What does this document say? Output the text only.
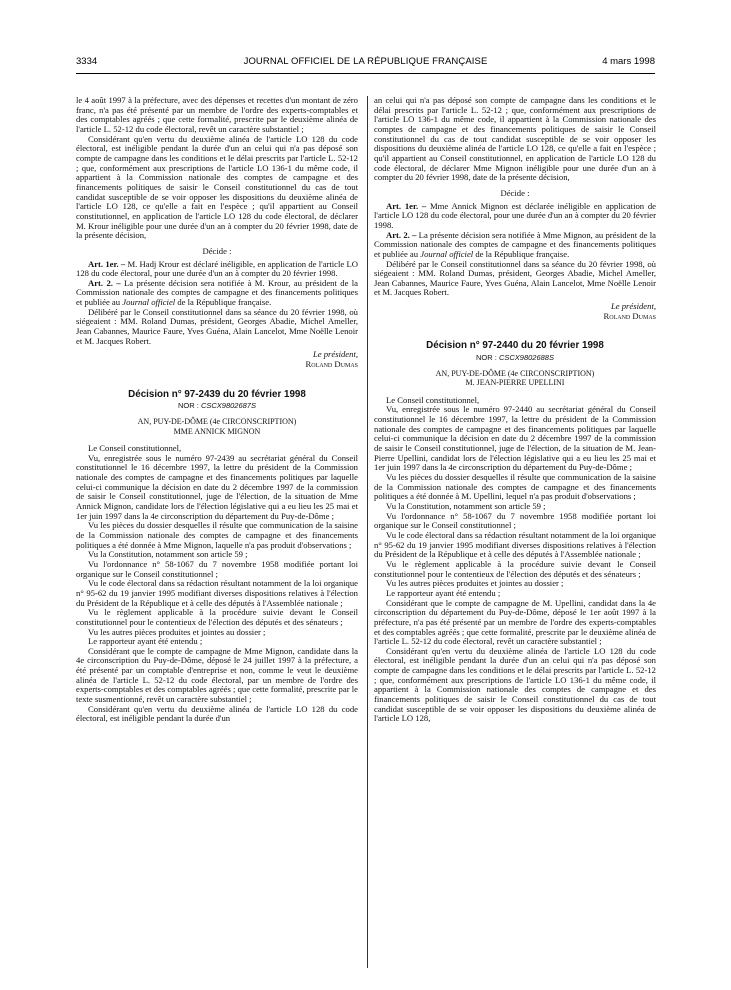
3334	JOURNAL OFFICIEL DE LA RÉPUBLIQUE FRANÇAISE	4 mars 1998

le 4 août 1997 à la préfecture, avec des dépenses et recettes d'un montant de zéro franc, n'a pas été présenté par un membre de l'ordre des experts-comptables et des comptables agréés ; que cette formalité, prescrite par le deuxième alinéa de l'article L. 52-12 du code électoral, revêt un caractère substantiel ;

Considérant qu'en vertu du deuxième alinéa de l'article LO 128 du code électoral, est inéligible pendant la durée d'un an celui qui n'a pas déposé son compte de campagne dans les conditions et le délai prescrits par l'article L. 52-12 ; que, conformément aux prescriptions de l'article LO 136-1 du même code, il appartient à la Commission nationale des comptes de campagne et des financements politiques de saisir le Conseil constitutionnel du cas de tout candidat susceptible de se voir opposer les dispositions du deuxième alinéa de l'article LO 128, ce qu'elle a fait en l'espèce ; qu'il appartient au Conseil constitutionnel, en application de l'article LO 128 du code électoral, de déclarer M. Krour inéligible pour une durée d'un an à compter du 20 février 1998, date de la présente décision,

Décide :

Art. 1er. – M. Hadj Krour est déclaré inéligible, en application de l'article LO 128 du code électoral, pour une durée d'un an à compter du 20 février 1998.

Art. 2. – La présente décision sera notifiée à M. Krour, au président de la Commission nationale des comptes de campagne et des financements politiques et publiée au Journal officiel de la République française.

Délibéré par le Conseil constitutionnel dans sa séance du 20 février 1998, où siégeaient : MM. Roland Dumas, président, Georges Abadie, Michel Ameller, Jean Cabannes, Maurice Faure, Yves Guéna, Alain Lancelot, Mme Noëlle Lenoir et M. Jacques Robert.

Le président,

Roland Dumas

Décision n° 97-2439 du 20 février 1998

NOR : CSCX9802687S

AN, PUY-DE-DÔME (4e CIRCONSCRIPTION)

MME ANNICK MIGNON

Le Conseil constitutionnel,

Vu, enregistrée sous le numéro 97-2439 au secrétariat général du Conseil constitutionnel le 16 décembre 1997, la lettre du président de la Commission nationale des comptes de campagne et des financements politiques par laquelle celui-ci communique la décision en date du 2 décembre 1997 de la commission de saisir le Conseil constitutionnel, juge de l'élection, de la situation de Mme Annick Mignon, candidate lors de l'élection législative qui a eu lieu les 25 mai et 1er juin 1997 dans la 4e circonscription du département du Puy-de-Dôme ;

Vu les pièces du dossier desquelles il résulte que communication de la saisine de la Commission nationale des comptes de campagne et des financements politiques a été donnée à Mme Mignon, laquelle n'a pas produit d'observations ;

Vu la Constitution, notamment son article 59 ;

Vu l'ordonnance n° 58-1067 du 7 novembre 1958 modifiée portant loi organique sur le Conseil constitutionnel ;

Vu le code électoral dans sa rédaction résultant notamment de la loi organique n° 95-62 du 19 janvier 1995 modifiant diverses dispositions relatives à l'élection du Président de la République et à celle des députés à l'Assemblée nationale ;

Vu le règlement applicable à la procédure suivie devant le Conseil constitutionnel pour le contentieux de l'élection des députés et des sénateurs ;

Vu les autres pièces produites et jointes au dossier ;

Le rapporteur ayant été entendu ;

Considérant que le compte de campagne de Mme Mignon, candidate dans la 4e circonscription du Puy-de-Dôme, déposé le 24 juillet 1997 à la préfecture, a été présenté par un comptable d'entreprise et non, comme le veut le deuxième alinéa de l'article L. 52-12 du code électoral, par un membre de l'ordre des experts-comptables et des comptables agréés ; que cette formalité, prescrite par le texte susmentionné, revêt un caractère substantiel ;

Considérant qu'en vertu du deuxième alinéa de l'article LO 128 du code électoral, est inéligible pendant la durée d'un

an celui qui n'a pas déposé son compte de campagne dans les conditions et le délai prescrits par l'article L. 52-12 ; que, conformément aux prescriptions de l'article LO 136-1 du même code, il appartient à la Commission nationale des comptes de campagne et des financements politiques de saisir le Conseil constitutionnel du cas de tout candidat susceptible de se voir opposer les dispositions du deuxième alinéa de l'article LO 128, ce qu'elle a fait en l'espèce ; qu'il appartient au Conseil constitutionnel, en application de l'article LO 128 du code électoral, de déclarer Mme Mignon inéligible pour une durée d'un an à compter du 20 février 1998, date de la présente décision,

Décide :

Art. 1er. – Mme Annick Mignon est déclarée inéligible en application de l'article LO 128 du code électoral, pour une durée d'un an à compter du 20 février 1998.

Art. 2. – La présente décision sera notifiée à Mme Mignon, au président de la Commission nationale des comptes de campagne et des financements politiques et publiée au Journal officiel de la République française.

Délibéré par le Conseil constitutionnel dans sa séance du 20 février 1998, où siégeaient : MM. Roland Dumas, président, Georges Abadie, Michel Ameller, Jean Cabannes, Maurice Faure, Yves Guéna, Alain Lancelot, Mme Noëlle Lenoir et M. Jacques Robert.

Le président,

Roland Dumas

Décision n° 97-2440 du 20 février 1998

NOR : CSCX9802688S

AN, PUY-DE-DÔME (4e CIRCONSCRIPTION)

M. JEAN-PIERRE UPELLINI

Le Conseil constitutionnel,

Vu, enregistrée sous le numéro 97-2440 au secrétariat général du Conseil constitutionnel le 16 décembre 1997, la lettre du président de la Commission nationale des comptes de campagne et des financements politiques par laquelle celui-ci communique la décision en date du 2 décembre 1997 de la commission de saisir le Conseil constitutionnel, juge de l'élection, de la situation de M. Jean-Pierre Upellini, candidat lors de l'élection législative qui a eu lieu les 25 mai et 1er juin 1997 dans la 4e circonscription du département du Puy-de-Dôme ;

Vu les pièces du dossier desquelles il résulte que communication de la saisine de la Commission nationale des comptes de campagne et des financements politiques a été donnée à M. Upellini, lequel n'a pas produit d'observations ;

Vu la Constitution, notamment son article 59 ;

Vu l'ordonnance n° 58-1067 du 7 novembre 1958 modifiée portant loi organique sur le Conseil constitutionnel ;

Vu le code électoral dans sa rédaction résultant notamment de la loi organique n° 95-62 du 19 janvier 1995 modifiant diverses dispositions relatives à l'élection du Président de la République et à celle des députés à l'Assemblée nationale ;

Vu le règlement applicable à la procédure suivie devant le Conseil constitutionnel pour le contentieux de l'élection des députés et des sénateurs ;

Vu les autres pièces produites et jointes au dossier ;

Le rapporteur ayant été entendu ;

Considérant que le compte de campagne de M. Upellini, candidat dans la 4e circonscription du département du Puy-de-Dôme, déposé le 1er août 1997 à la préfecture, n'a pas été présenté par un membre de l'ordre des experts-comptables et des comptables agréés ; que cette formalité, prescrite par le deuxième alinéa de l'article L. 52-12 du code électoral, revêt un caractère substantiel ;

Considérant qu'en vertu du deuxième alinéa de l'article LO 128 du code électoral, est inéligible pendant la durée d'un an celui qui n'a pas déposé son compte de campagne dans les conditions et le délai prescrits par l'article L. 52-12 ; que, conformément aux prescriptions de l'article LO 136-1 du même code, il appartient à la Commission nationale des comptes de campagne et des financements politiques de saisir le Conseil constitutionnel du cas de tout candidat susceptible de se voir opposer les dispositions du deuxième alinéa de l'article LO 128,
